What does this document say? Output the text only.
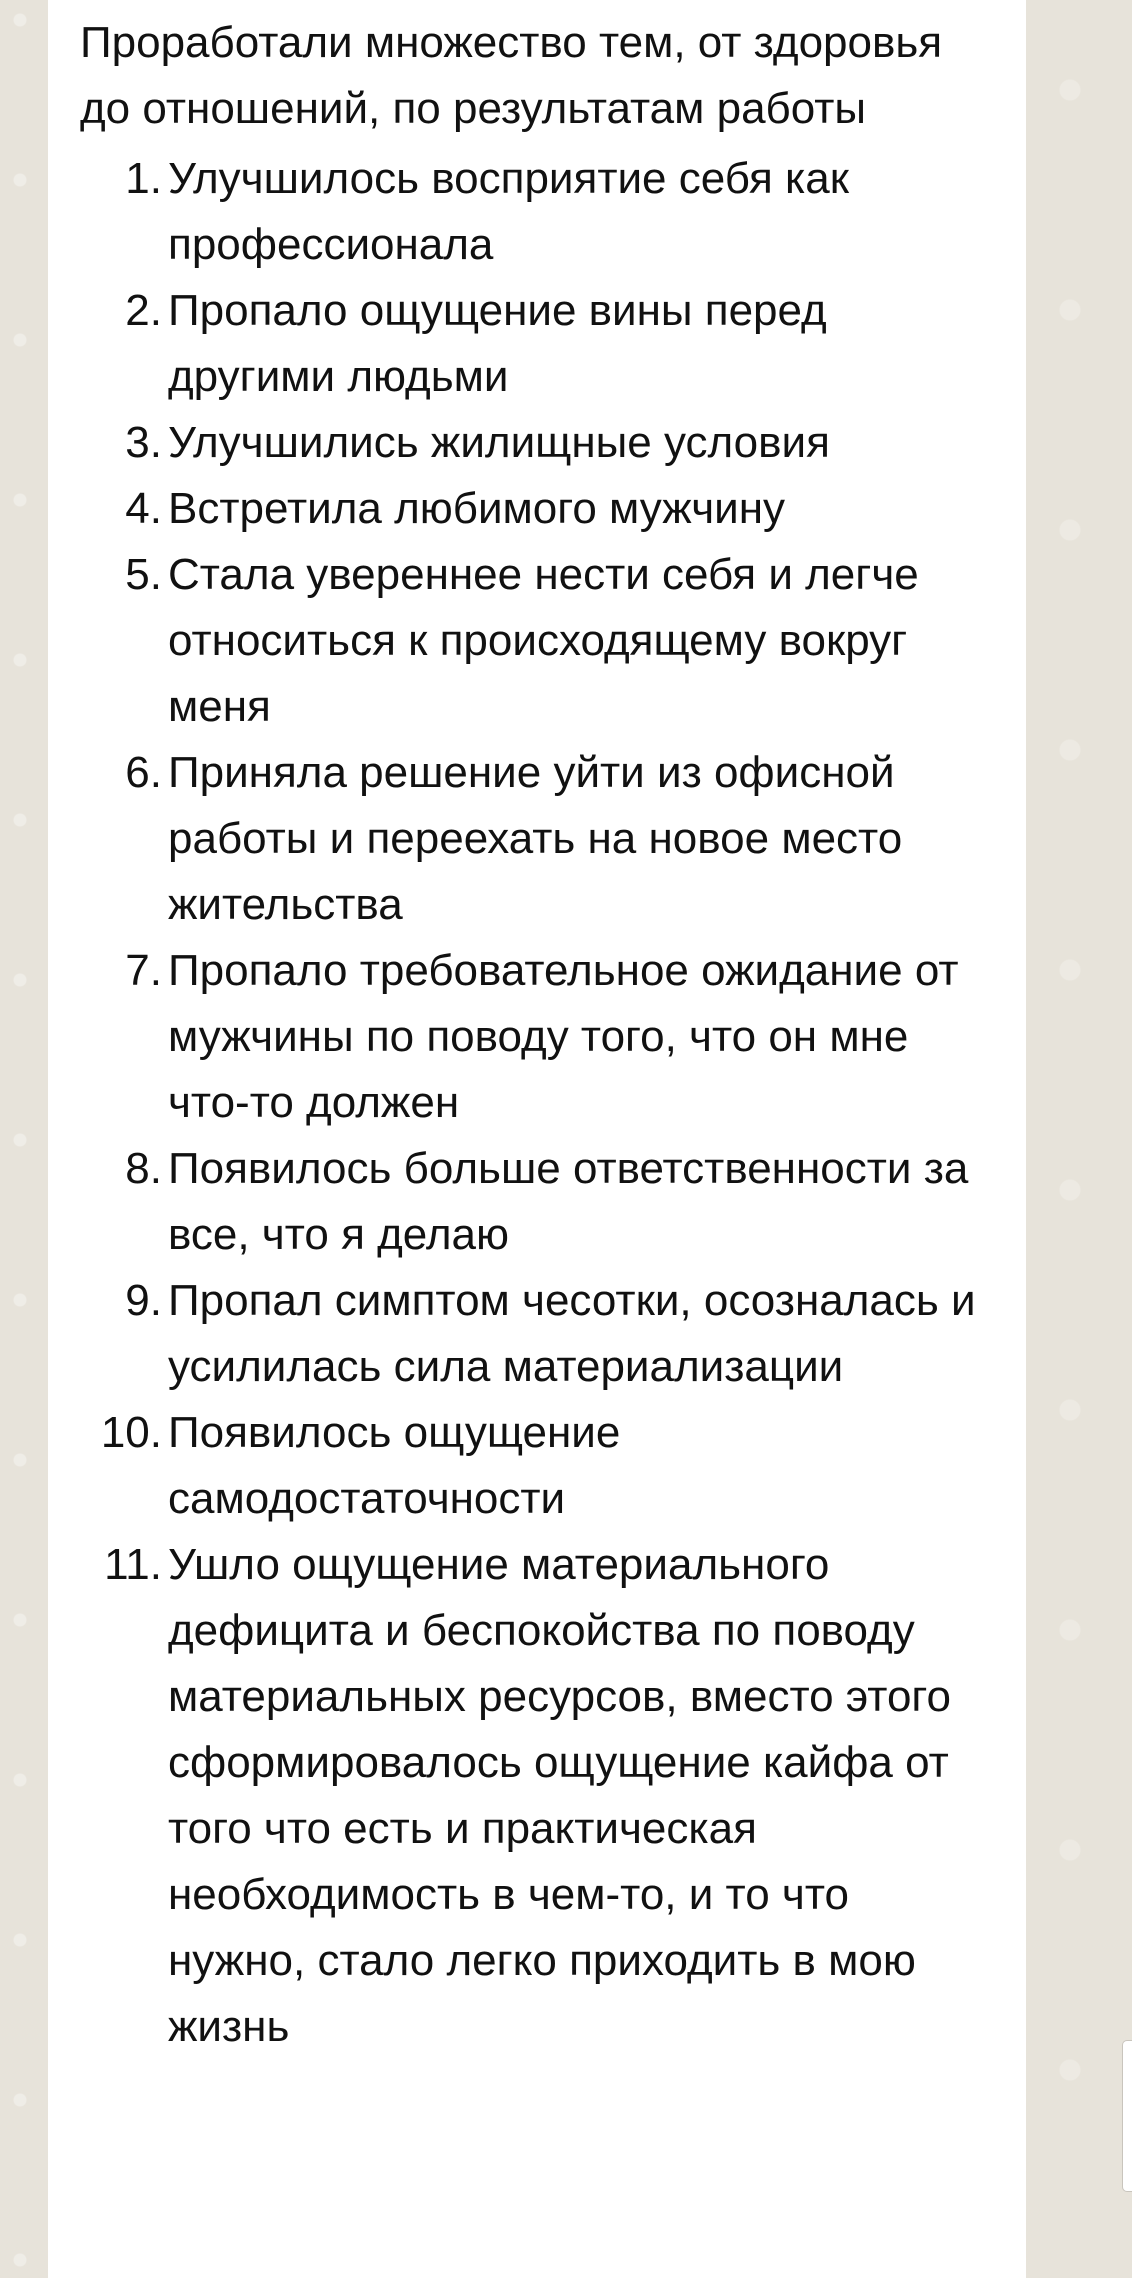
Проработали множество тем, от здоровья до отношений, по результатам работы

1. Улучшилось восприятие себя как профессионала
2. Пропало ощущение вины перед другими людьми
3. Улучшились жилищные условия
4. Встретила любимого мужчину
5. Стала увереннее нести себя и легче относиться к происходящему вокруг меня
6. Приняла решение уйти из офисной работы и переехать на новое место жительства
7. Пропало требовательное ожидание от мужчины по поводу того, что он мне что-то должен
8. Появилось больше ответственности за все, что я делаю
9. Пропал симптом чесотки, осозналась и усилилась сила материализации
10. Появилось ощущение самодостаточности
11. Ушло ощущение материального дефицита и беспокойства по поводу материальных ресурсов, вместо этого сформировалось ощущение кайфа от того что есть и практическая необходимость в чем-то, и то что нужно, стало легко приходить в мою жизнь
